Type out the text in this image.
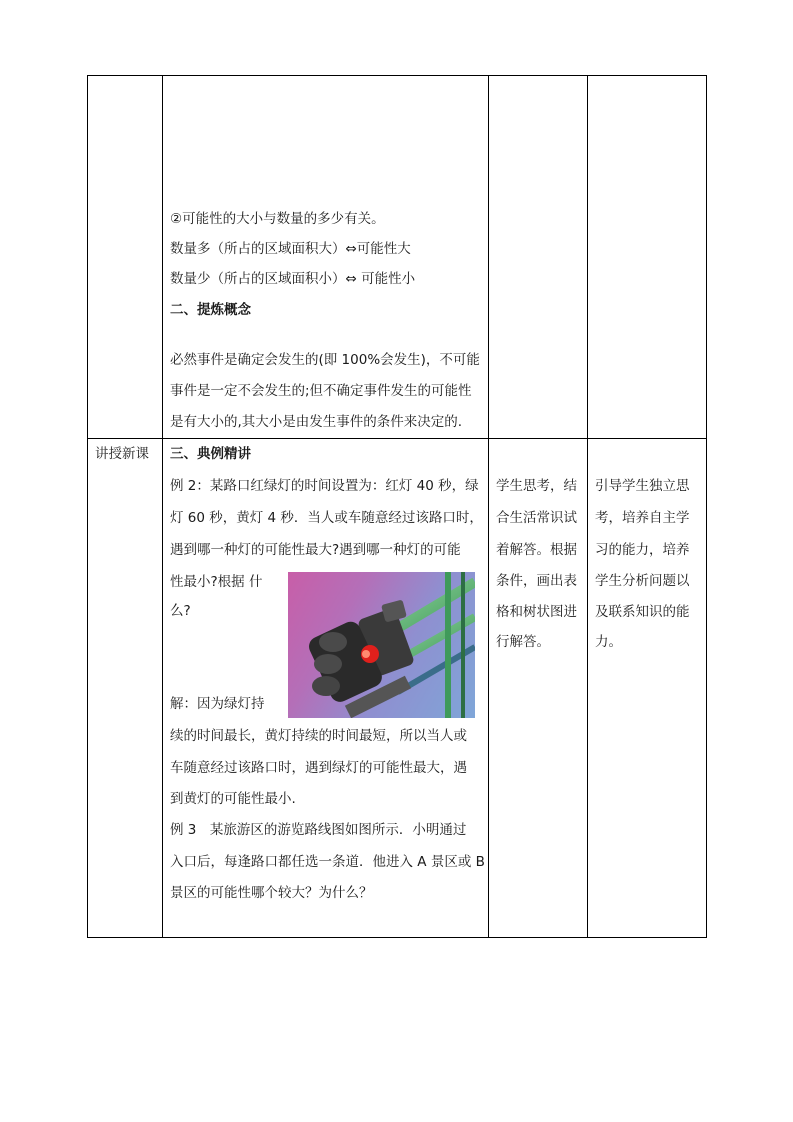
②可能性的大小与数量的多少有关。
数量多（所占的区域面积大）⇔可能性大
数量少（所占的区域面积小）⇔ 可能性小
二、提炼概念
必然事件是确定会发生的(即 100%会发生)，不可能
事件是一定不会发生的;但不确定事件发生的可能性
是有大小的,其大小是由发生事件的条件来决定的.
讲授新课 三、典例精讲
例 2：某路口红绿灯的时间设置为：红灯 40 秒，绿
灯 60 秒，黄灯 4 秒．当人或车随意经过该路口时，
遇到哪一种灯的可能性最大?遇到哪一种灯的可能
性最小?根据 什
么?
解：因为绿灯持
续的时间最长，黄灯持续的时间最短，所以当人或
车随意经过该路口时，遇到绿灯的可能性最大，遇
到黄灯的可能性最小.
例 3　某旅游区的游览路线图如图所示．小明通过
入口后，每逢路口都任选一条道．他进入 A 景区或 B
景区的可能性哪个较大？为什么？
学生思考，结
合生活常识试
着解答。根据
条件，画出表
格和树状图进
行解答。
引导学生独立思
考，培养自主学
习的能力，培养
学生分析问题以
及联系知识的能
力。
